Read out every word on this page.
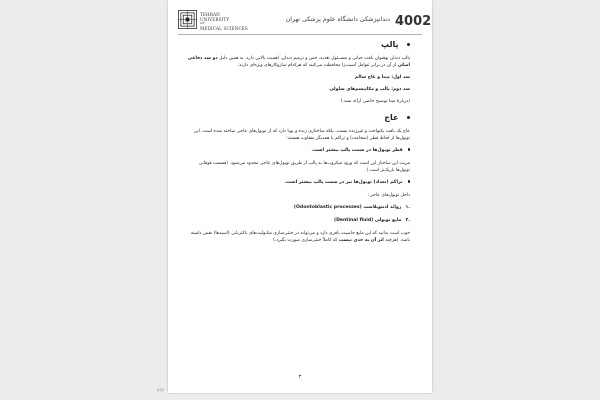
TEHRAN UNIVERSITY
OF
MEDICAL SCIENCES	4002
دندانپزشکی دانشگاه علوم پزشکی تهران
پالپ

پالپ دندان بهعنوان بافت حیاتی و مســئول تغذیه، حس و ترمیم دندان، اهمیت بالایی دارد. به همین دلیل دو سد دفاعی اصلی از آن در برابر عوامل آسیب‌زا محافظت می‌کنند که هرکدام سازوکارهای ویژه‌ای دارند:

سد اول: مینا و عاج سالم

سد دوم: پالپ و مکانیسم‌های سلولی

(دربارهٔ مینا توضیح خاصی ارائه نشد.)

عاج

عاج یک بافت یکنواخت و غیرزنده نیست، بلکه ساختاری زنده و پویا دارد که از توبول‌های عاجی ساخته شده است. این توبول‌ها از لحاظ قطر (ضخامت) و تراکم با همدیگر متفاوت هستند:

قطر توبول‌ها در سمت پالپ بیشتر است.

مزیت این ساختار این است که ورود میکروب‌ها به پالپ از طریق توبول‌های عاجی محدود می‌شود. (قسمت فوقانی توبول‌ها باریک‌تر است.)

تراکم (تعداد) توبول‌ها نیز در سمت پالپ بیشتر است.

داخل توبول‌های عاجی:

.۱زوائد ادنتوبلاست (Odontoblastic processes)
.۲مایع توبولی (Dentinal fluid)

خوب است بدانید که این مایع خاصیت بافری دارد و می‌تواند در خنثی‌سازی متابولیت‌های باکتریایی (اسیدها) نقش داشته باشد. (هرچند اثر آن به حدی نیست که کاملاً خنثی‌سازی صورت بگیرد.)

۳
۳/۳
